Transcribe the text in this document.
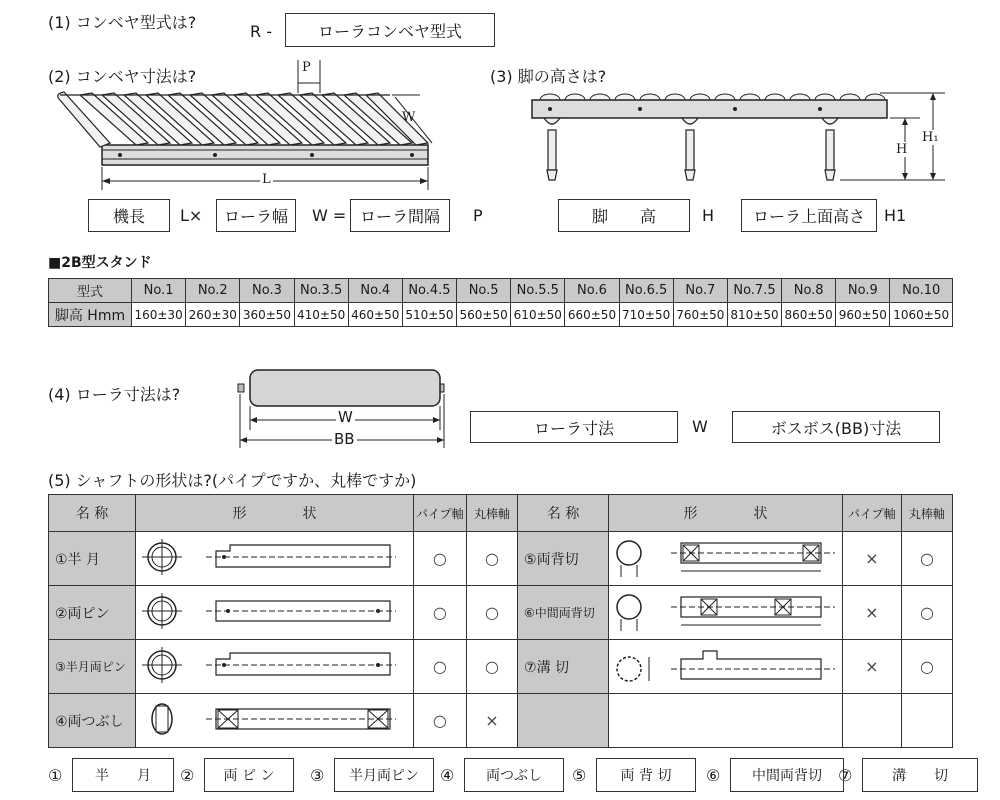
(1) コンベヤ型式は?	R -	ローラコンベヤ型式
(2) コンベヤ寸法は?	P
W
L
機長	L×	ローラ幅	W = ローラ間隔	P
(3) 脚の高さは?
H
H₁
脚　　高	H	ローラ上面高さ	H1
■2B型スタンド
型式	No.1	No.2	No.3	No.3.5	No.4	No.4.5	No.5	No.5.5	No.6	No.6.5	No.7	No.7.5	No.8	No.9	No.10
脚高 Hmm	160±30	260±30	360±50	410±50	460±50	510±50	560±50	610±50	660±50	710±50	760±50	810±50	860±50	960±50	1060±50
(4) ローラ寸法は?
W
BB
ローラ寸法	W	ボスボス(BB)寸法
(5) シャフトの形状は?(パイプですか、丸棒ですか)
名 称	形　　　　状	パイプ軸	丸棒軸	名 称	形　　　　状	パイプ軸	丸棒軸
①半 月		○	○	⑤両背切		×	○
②両ピン		○	○	⑥中間両背切		×	○
③半月両ピン		○	○	⑦溝 切		×	○
④両つぶし		○	×				
①	半　　月	②	両 ピ ン	③	半月両ピン	④	両つぶし	⑤	両 背 切	⑥	中間両背切	⑦	溝　　切
